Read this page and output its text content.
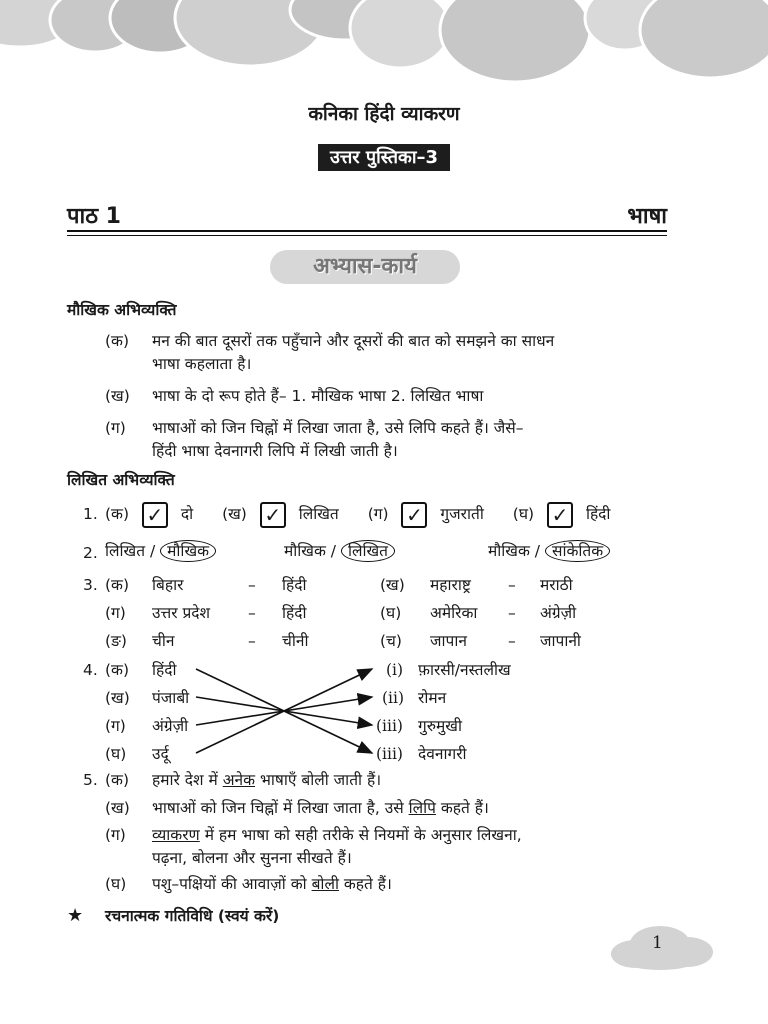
कनिका हिंदी व्याकरण
उत्तर पुस्तिका–3
पाठ 1	भाषा
अभ्यास-कार्य
मौखिक अभिव्यक्ति
(क) मन की बात दूसरों तक पहुँचाने और दूसरों की बात को समझने का साधन
भाषा कहलाता है।
(ख) भाषा के दो रूप होते हैं– 1. मौखिक भाषा 2. लिखित भाषा
(ग) भाषाओं को जिन चिह्नों में लिखा जाता है, उसे लिपि कहते हैं। जैसे–
हिंदी भाषा देवनागरी लिपि में लिखी जाती है।
लिखित अभिव्यक्ति
1. (क) ✓ दो (ख) ✓ लिखित (ग) ✓ गुजराती (घ) ✓ हिंदी
2. लिखित / मौखिक	मौखिक / लिखित	मौखिक / सांकेतिक
3. (क) बिहार	– हिंदी	(ख) महाराष्ट्र – मराठी
(ग) उत्तर प्रदेश – हिंदी	(घ) अमेरिका – अंग्रेज़ी
(ङ) चीन	– चीनी	(च) जापान	– जापानी
4. (क) हिंदी
(ख) पंजाबी
(ग) अंग्रेज़ी
(घ) उर्दू
(i) फ़ारसी/नस्तलीख
(ii) रोमन
(iii) गुरुमुखी
(iii) देवनागरी
5. (क) हमारे देश में अनेक भाषाएँ बोली जाती हैं।
(ख) भाषाओं को जिन चिह्नों में लिखा जाता है, उसे लिपि कहते हैं।
(ग) व्याकरण में हम भाषा को सही तरीके से नियमों के अनुसार लिखना,
पढ़ना, बोलना और सुनना सीखते हैं।
(घ) पशु–पक्षियों की आवाज़ों को बोली कहते हैं।
★ रचनात्मक गतिविधि (स्वयं करें)
1
